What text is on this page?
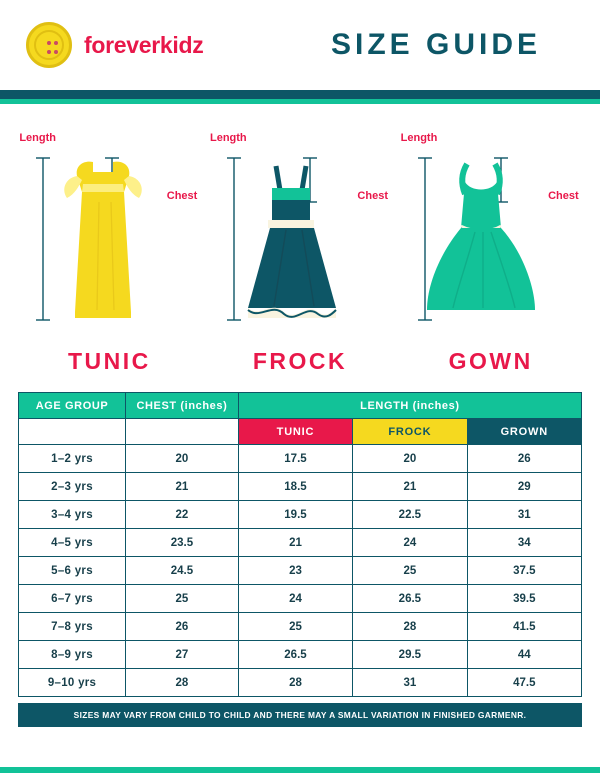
foreverkidz	SIZE GUIDE
Length
Chest
Length
Chest
Length
Chest
TUNIC	FROCK	GOWN
AGE GROUP	CHEST (inches)	LENGTH (inches)		
		TUNIC	FROCK	GROWN
1–2 yrs	20	17.5	20	26
2–3 yrs	21	18.5	21	29
3–4 yrs	22	19.5	22.5	31
4–5 yrs	23.5	21	24	34
5–6 yrs	24.5	23	25	37.5
6–7 yrs	25	24	26.5	39.5
7–8 yrs	26	25	28	41.5
8–9 yrs	27	26.5	29.5	44
9–10 yrs	28	28	31	47.5
SIZES MAY VARY FROM CHILD TO CHILD AND THERE MAY A SMALL VARIATION IN FINISHED GARMENR.
